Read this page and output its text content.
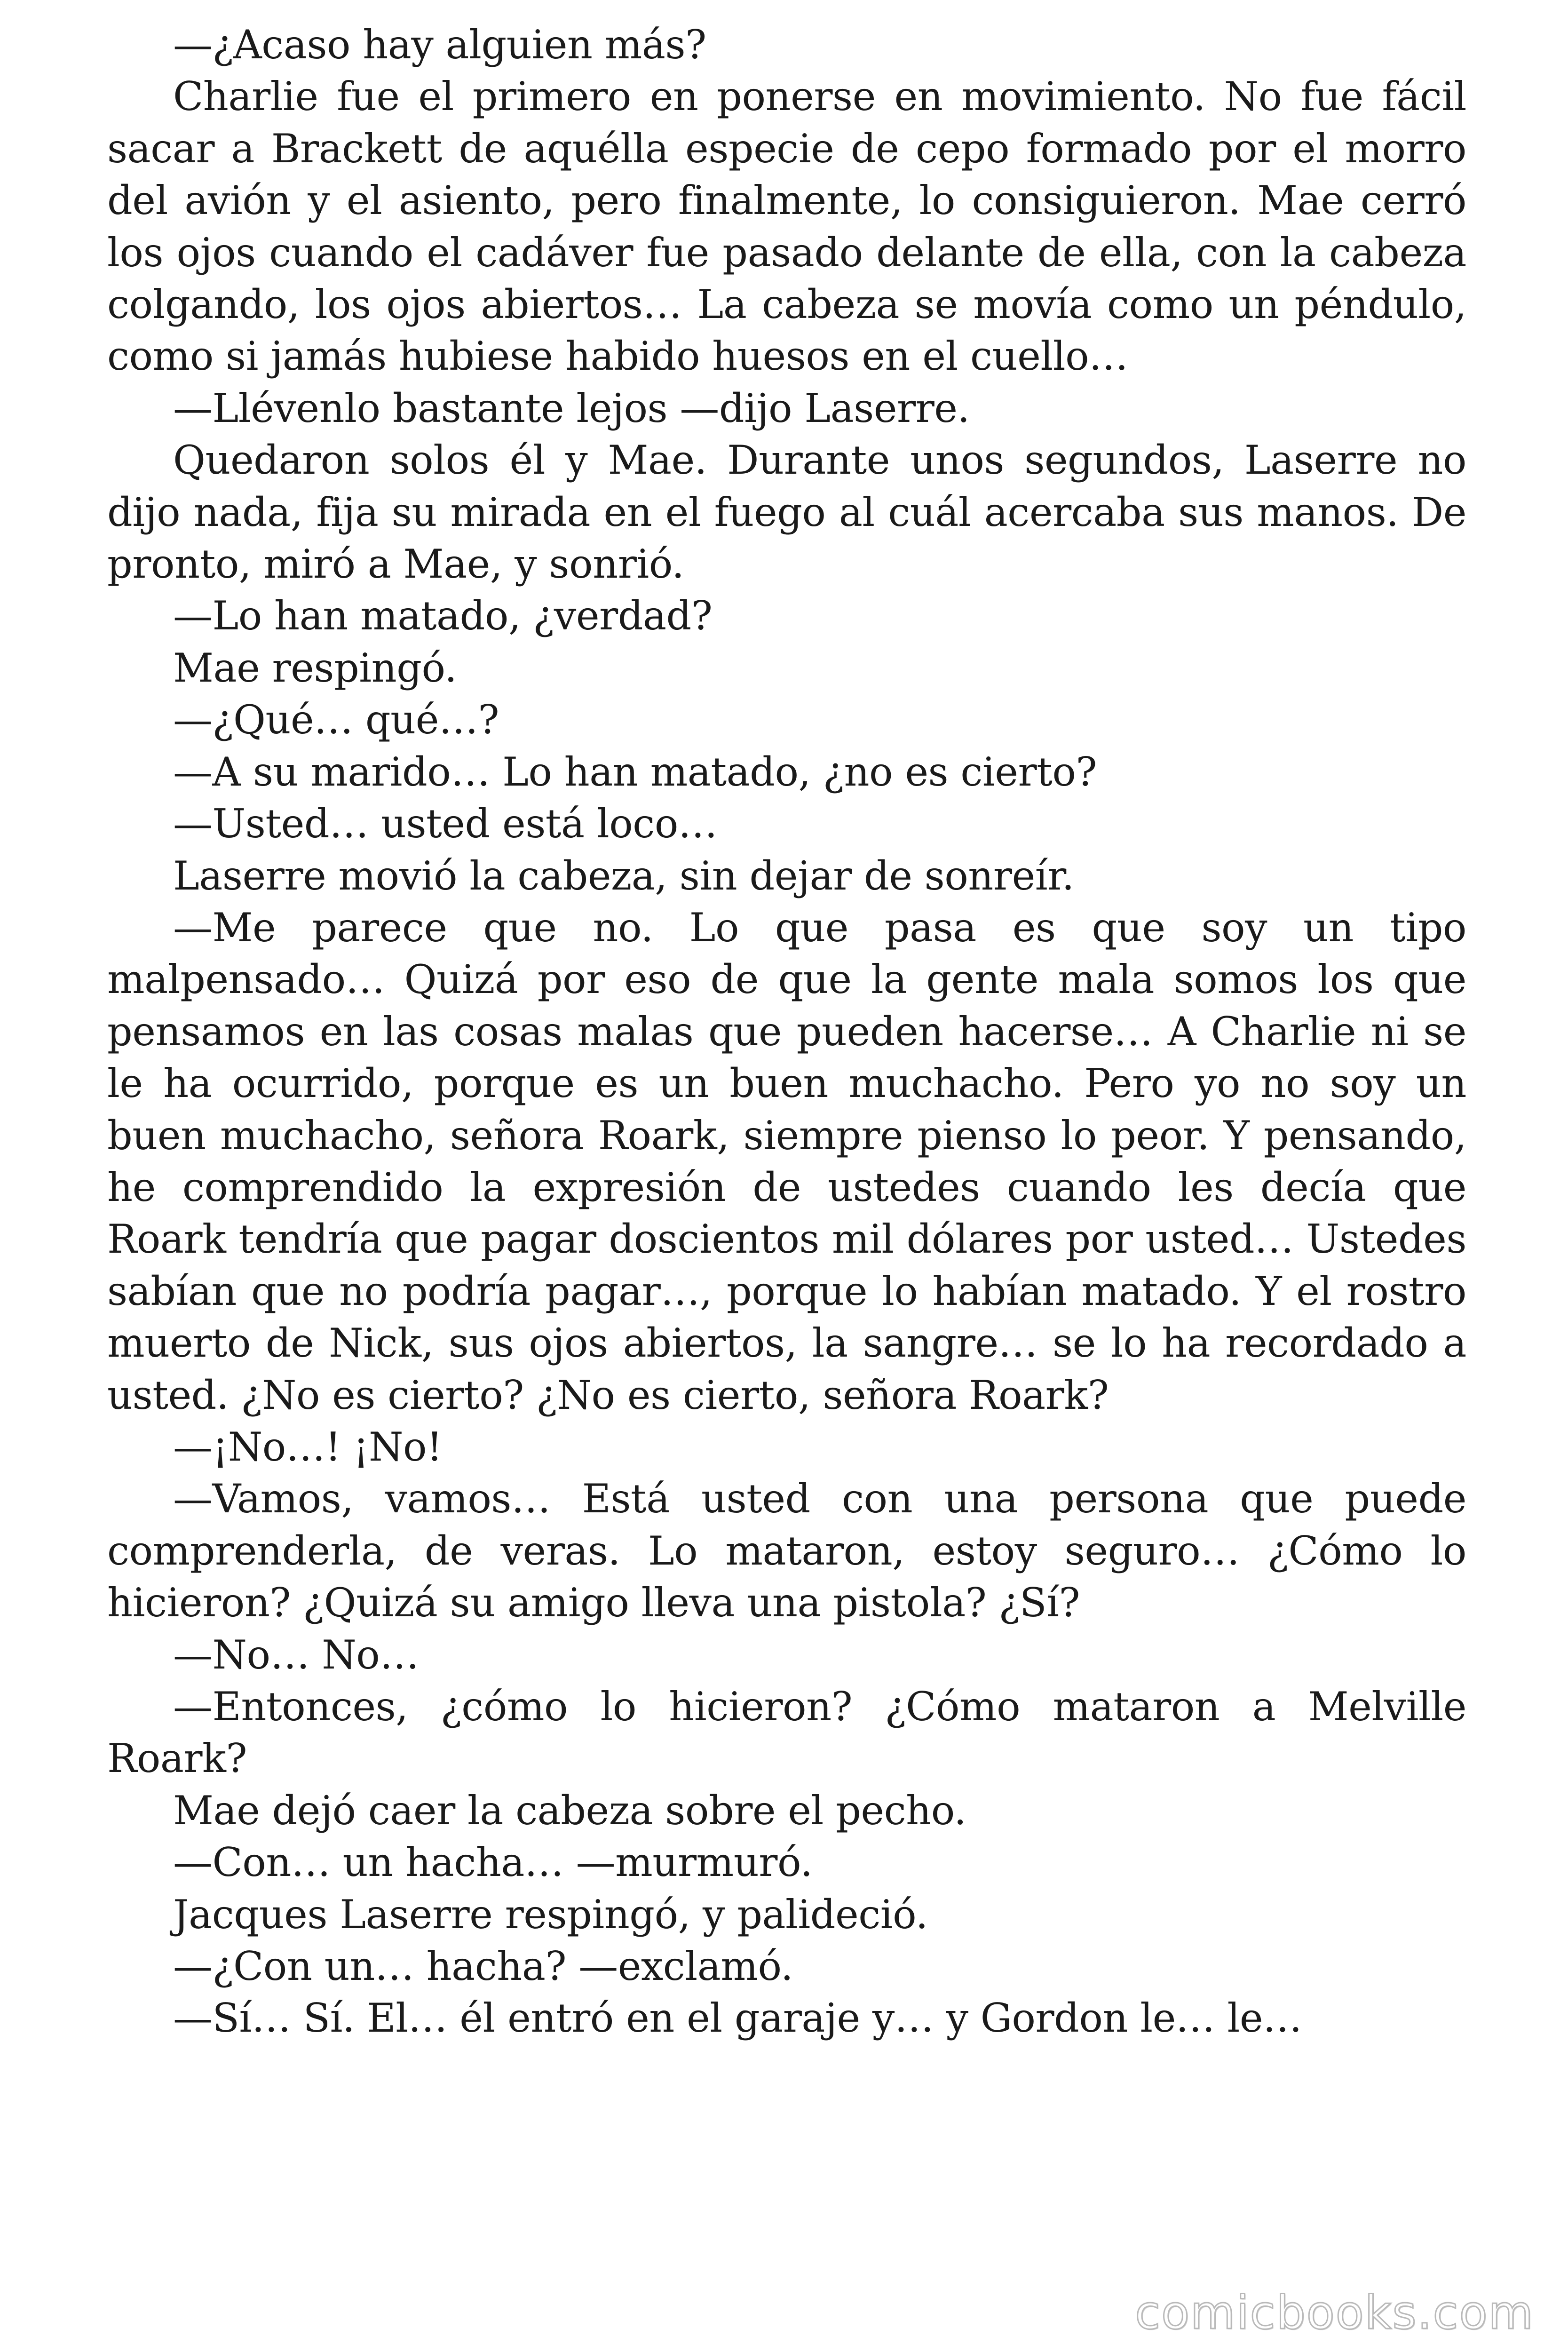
—¿Acaso hay alguien más?

Charlie fue el primero en ponerse en movimiento. No fue fácil sacar a Brackett de aquélla especie de cepo formado por el morro del avión y el asiento, pero finalmente, lo consiguieron. Mae cerró los ojos cuando el cadáver fue pasado delante de ella, con la cabeza colgando, los ojos abiertos… La cabeza se movía como un péndulo, como si jamás hubiese habido huesos en el cuello…

—Llévenlo bastante lejos —dijo Laserre.

Quedaron solos él y Mae. Durante unos segundos, Laserre no dijo nada, fija su mirada en el fuego al cuál acercaba sus manos. De pronto, miró a Mae, y sonrió.

—Lo han matado, ¿verdad?

Mae respingó.

—¿Qué… qué…?

—A su marido… Lo han matado, ¿no es cierto?

—Usted… usted está loco…

Laserre movió la cabeza, sin dejar de sonreír.

—Me parece que no. Lo que pasa es que soy un tipo malpensado… Quizá por eso de que la gente mala somos los que pensamos en las cosas malas que pueden hacerse… A Charlie ni se le ha ocurrido, porque es un buen muchacho. Pero yo no soy un buen muchacho, señora Roark, siempre pienso lo peor. Y pensando, he comprendido la expresión de ustedes cuando les decía que Roark tendría que pagar doscientos mil dólares por usted… Ustedes sabían que no podría pagar…, porque lo habían matado. Y el rostro muerto de Nick, sus ojos abiertos, la sangre… se lo ha recordado a usted. ¿No es cierto? ¿No es cierto, señora Roark?

—¡No…! ¡No!

—Vamos, vamos… Está usted con una persona que puede comprenderla, de veras. Lo mataron, estoy seguro… ¿Cómo lo hicieron? ¿Quizá su amigo lleva una pistola? ¿Sí?

—No… No…

—Entonces, ¿cómo lo hicieron? ¿Cómo mataron a Melville Roark?

Mae dejó caer la cabeza sobre el pecho.

—Con… un hacha… —murmuró.

Jacques Laserre respingó, y palideció.

—¿Con un… hacha? —exclamó.

—Sí… Sí. El… él entró en el garaje y… y Gordon le… le…

comicbooks.com
